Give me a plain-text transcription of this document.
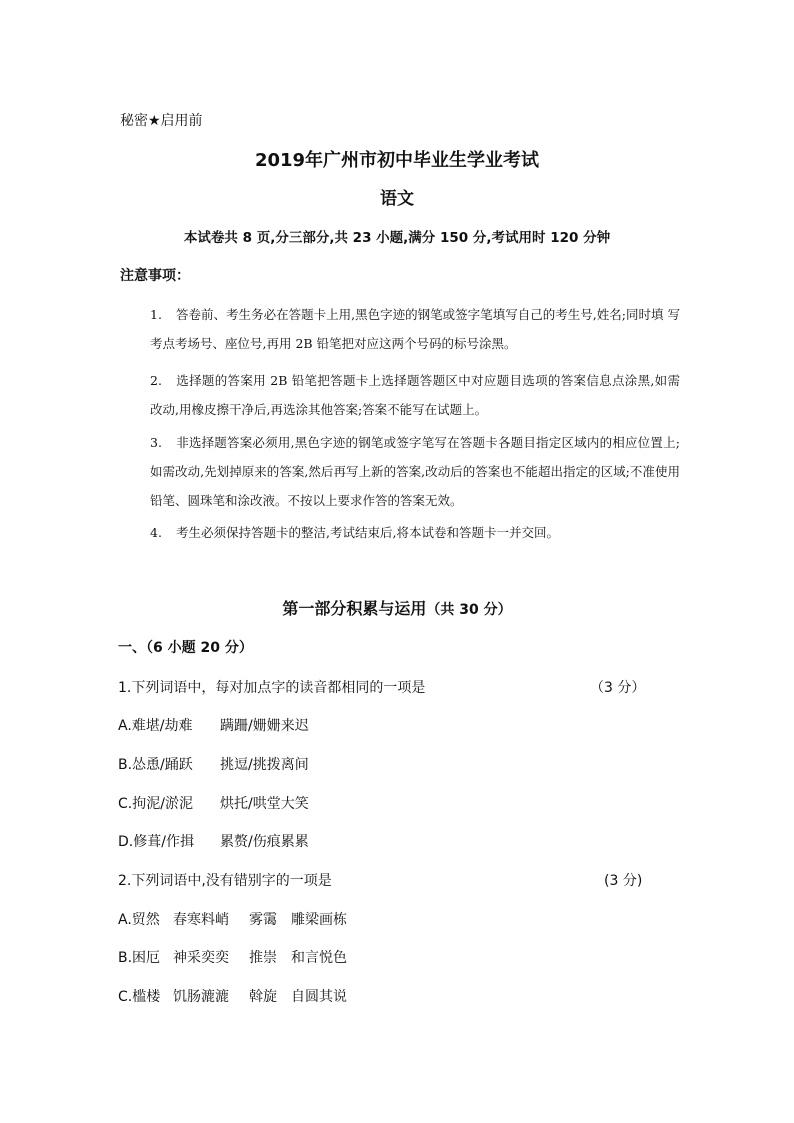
秘密★启用前
2019年广州市初中毕业生学业考试
语文
本试卷共 8 页,分三部分,共 23 小题,满分 150 分,考试用时 120 分钟
注意事项：
1. 答卷前、考生务必在答题卡上用,黑色字迹的钢笔或签字笔填写自己的考生号,姓名;同时填 写考点考场号、座位号,再用 2B 铅笔把对应这两个号码的标号涂黑。
2. 选择题的答案用 2B 铅笔把答题卡上选择题答题区中对应题目选项的答案信息点涂黑,如需改动,用橡皮擦干净后,再选涂其他答案;答案不能写在试题上。
3. 非选择题答案必须用,黑色字迹的钢笔或签字笔写在答题卡各题目指定区域内的相应位置上;如需改动,先划掉原来的答案,然后再写上新的答案,改动后的答案也不能超出指定的区域;不准使用铅笔、圆珠笔和涂改液。不按以上要求作答的答案无效。
4. 考生必须保持答题卡的整洁,考试结束后,将本试卷和答题卡一并交回。
第一部分积累与运用（共 30 分）
一、（6 小题 20 分）
1.下列词语中，每对加点字的读音都相同的一项是	（3 分）
A.难堪/劫难 蹒跚/姗姗来迟
B.怂恿/踊跃 挑逗/挑拨离间
C.拘泥/淤泥 烘托/哄堂大笑
D.修葺/作揖 累赘/伤痕累累
2.下列词语中,没有错别字的一项是	(3 分)
A.贸然 春寒料峭 雾霭 雕梁画栋
B.困厄 神采奕奕 推崇 和言悦色
C.槛楼 饥肠漉漉 斡旋 自圆其说
